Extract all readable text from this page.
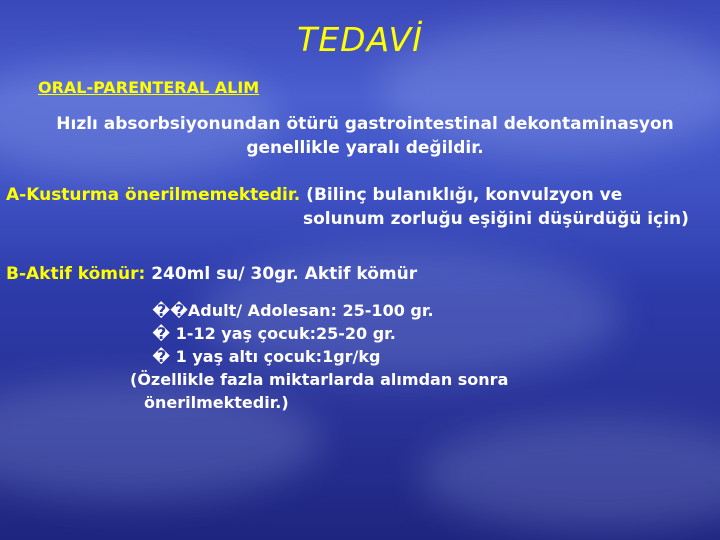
TEDAVİ
ORAL-PARENTERAL ALIM
Hızlı absorbsiyonundan ötürü gastrointestinal dekontaminasyon
genellikle yaralı değildir.
A-Kusturma önerilmemektedir. (Bilinç bulanıklığı, konvulzyon ve
solunum zorluğu eşiğini düşürdüğü için)
B-Aktif kömür: 240ml su/ 30gr. Aktif kömür
��Adult/ Adolesan: 25-100 gr.
� 1-12 yaş çocuk:25-20 gr.
� 1 yaş altı çocuk:1gr/kg
(Özellikle fazla miktarlarda alımdan sonra
önerilmektedir.)
